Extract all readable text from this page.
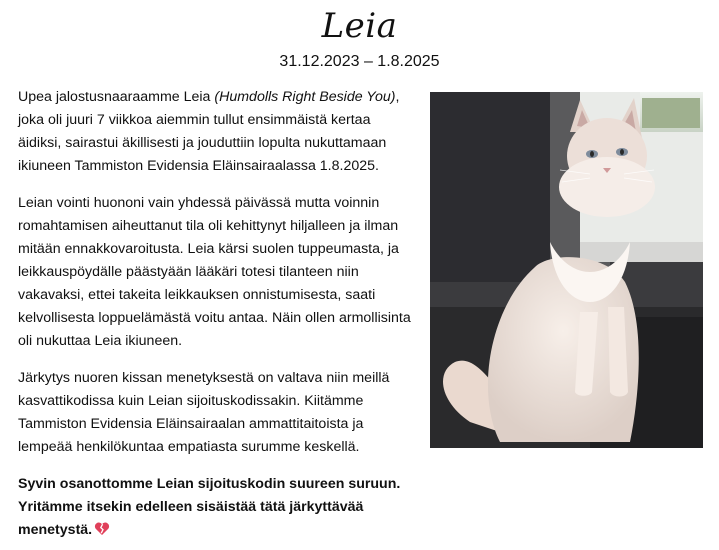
Leia
31.12.2023 – 1.8.2025

Upea jalostusnaaraamme Leia (Humdolls Right Beside You), joka oli juuri 7 viikkoa aiemmin tullut ensimmäistä kertaa äidiksi, sairastui äkillisesti ja jouduttiin lopulta nukuttamaan ikiuneen Tammiston Evidensia Eläinsairaalassa 1.8.2025.

Leian vointi huononi vain yhdessä päivässä mutta voinnin romahtamisen aiheuttanut tila oli kehittynyt hiljalleen ja ilman mitään ennakkovaroitusta. Leia kärsi suolen tuppeumasta, ja leikkauspöydälle päästyään lääkäri totesi tilanteen niin vakavaksi, ettei takeita leikkauksen onnistumisesta, saati kelvollisesta loppuelämästä voitu antaa. Näin ollen armollisinta oli nukuttaa Leia ikiuneen.

Järkytys nuoren kissan menetyksestä on valtava niin meillä kasvattikodissa kuin Leian sijoituskodissakin. Kiitämme Tammiston Evidensia Eläinsairaalan ammattitaitoista ja lempeää henkilökuntaa empatiasta surumme keskellä.

Syvin osanottomme Leian sijoituskodin suureen suruun. Yritämme itsekin edelleen sisäistää tätä järkyttävää menetystä.
